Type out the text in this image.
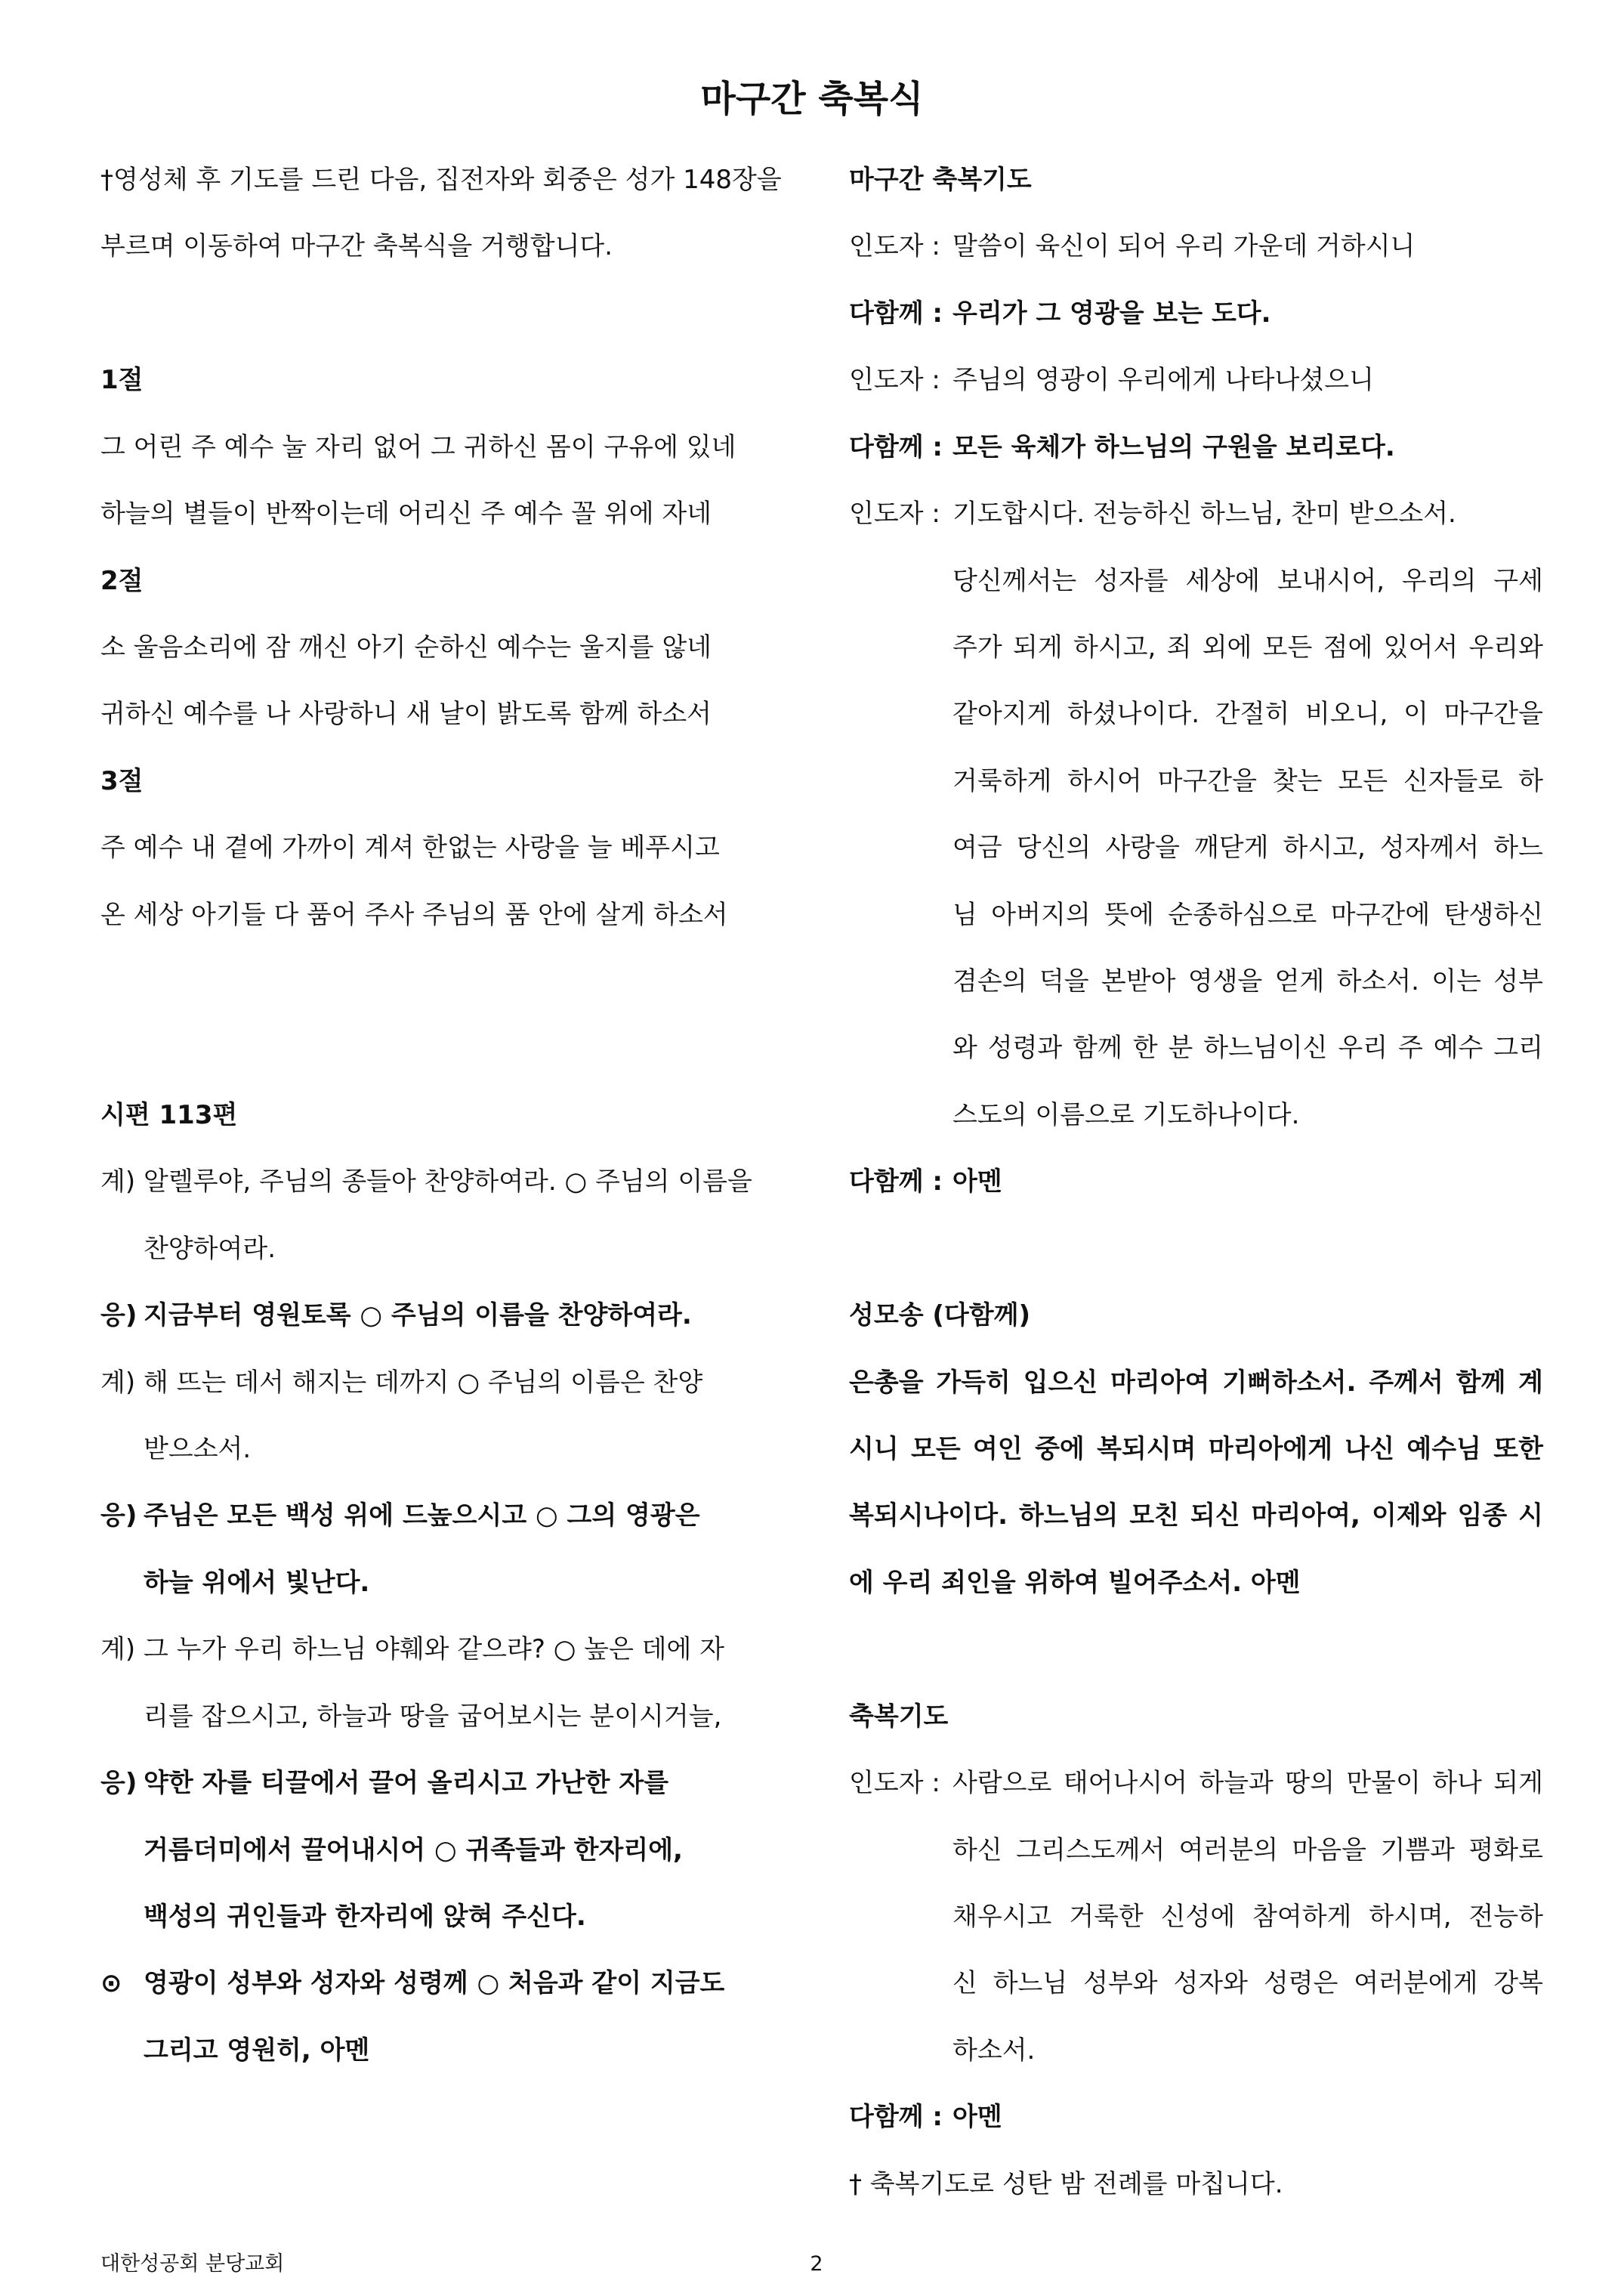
마구간 축복식
†영성체 후 기도를 드린 다음, 집전자와 회중은 성가 148장을
부르며 이동하여 마구간 축복식을 거행합니다.
1절
그 어린 주 예수 눌 자리 없어 그 귀하신 몸이 구유에 있네
하늘의 별들이 반짝이는데 어리신 주 예수 꼴 위에 자네
2절
소 울음소리에 잠 깨신 아기 순하신 예수는 울지를 않네
귀하신 예수를 나 사랑하니 새 날이 밝도록 함께 하소서
3절
주 예수 내 곁에 가까이 계셔 한없는 사랑을 늘 베푸시고
온 세상 아기들 다 품어 주사 주님의 품 안에 살게 하소서
시편 113편
계) 알렐루야, 주님의 종들아 찬양하여라. ○ 주님의 이름을
찬양하여라.
응) 지금부터 영원토록 ○ 주님의 이름을 찬양하여라.
계) 해 뜨는 데서 해지는 데까지 ○ 주님의 이름은 찬양
받으소서.
응) 주님은 모든 백성 위에 드높으시고 ○ 그의 영광은
하늘 위에서 빛난다.
계) 그 누가 우리 하느님 야훼와 같으랴? ○ 높은 데에 자
리를 잡으시고, 하늘과 땅을 굽어보시는 분이시거늘,
응) 약한 자를 티끌에서 끌어 올리시고 가난한 자를
거름더미에서 끌어내시어 ○ 귀족들과 한자리에,
백성의 귀인들과 한자리에 앉혀 주신다.
⊙ 영광이 성부와 성자와 성령께 ○ 처음과 같이 지금도
그리고 영원히, 아멘
마구간 축복기도
인도자 : 말씀이 육신이 되어 우리 가운데 거하시니
다함께 : 우리가 그 영광을 보는 도다.
인도자 : 주님의 영광이 우리에게 나타나셨으니
다함께 : 모든 육체가 하느님의 구원을 보리로다.
인도자 : 기도합시다. 전능하신 하느님, 찬미 받으소서.
당신께서는 성자를 세상에 보내시어, 우리의 구세
주가 되게 하시고, 죄 외에 모든 점에 있어서 우리와
같아지게 하셨나이다. 간절히 비오니, 이 마구간을
거룩하게 하시어 마구간을 찾는 모든 신자들로 하
여금 당신의 사랑을 깨닫게 하시고, 성자께서 하느
님 아버지의 뜻에 순종하심으로 마구간에 탄생하신
겸손의 덕을 본받아 영생을 얻게 하소서. 이는 성부
와 성령과 함께 한 분 하느님이신 우리 주 예수 그리
스도의 이름으로 기도하나이다.
다함께 : 아멘
성모송 (다함께)
은총을 가득히 입으신 마리아여 기뻐하소서. 주께서 함께 계
시니 모든 여인 중에 복되시며 마리아에게 나신 예수님 또한
복되시나이다. 하느님의 모친 되신 마리아여, 이제와 임종 시
에 우리 죄인을 위하여 빌어주소서. 아멘
축복기도
인도자 : 사람으로 태어나시어 하늘과 땅의 만물이 하나 되게
하신 그리스도께서 여러분의 마음을 기쁨과 평화로
채우시고 거룩한 신성에 참여하게 하시며, 전능하
신 하느님 성부와 성자와 성령은 여러분에게 강복
하소서.
다함께 : 아멘
† 축복기도로 성탄 밤 전례를 마칩니다.
대한성공회 분당교회	2
